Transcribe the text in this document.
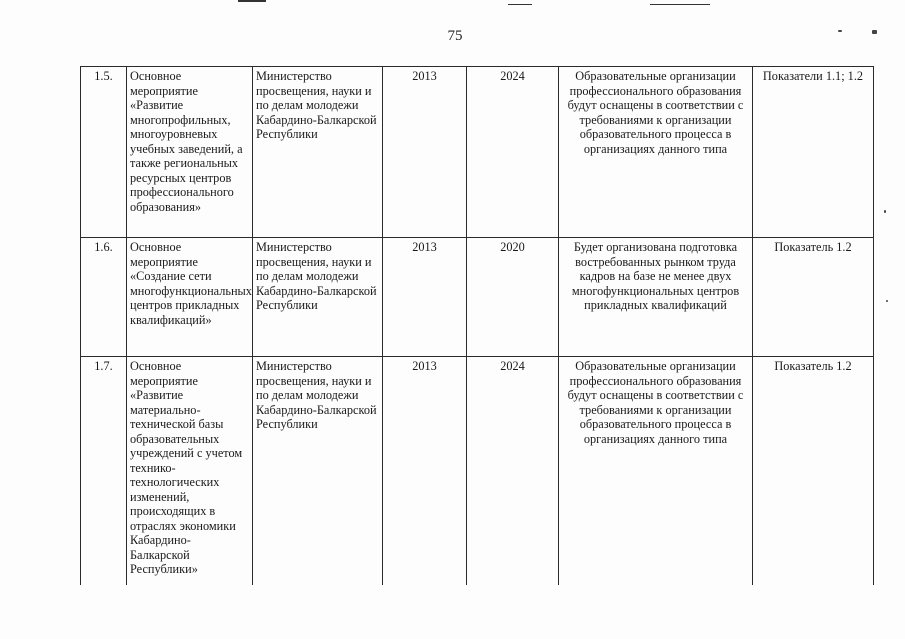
75
1.5.	Основное мероприятие «Развитие многопрофильных, многоуровневых учебных заведений, а также региональных ресурсных центров профессионального образования»	Министерство просвещения, науки и по делам молодежи Кабардино-Балкарской Республики	2013	2024	Образовательные организации профессионального образования будут оснащены в соответствии с требованиями к организации образовательного процесса в организациях данного типа	Показатели 1.1; 1.2
1.6.	Основное мероприятие «Создание сети многофункциональных центров прикладных квалификаций»	Министерство просвещения, науки и по делам молодежи Кабардино-Балкарской Республики	2013	2020	Будет организована подготовка востребованных рынком труда кадров на базе не менее двух многофункциональных центров прикладных квалификаций	Показатель 1.2
1.7.	Основное мероприятие «Развитие материально-технической базы образовательных учреждений с учетом технико-технологических изменений, происходящих в отраслях экономики Кабардино-Балкарской Республики»	Министерство просвещения, науки и по делам молодежи Кабардино-Балкарской Республики	2013	2024	Образовательные организации профессионального образования будут оснащены в соответствии с требованиями к организации образовательного процесса в организациях данного типа	Показатель 1.2
